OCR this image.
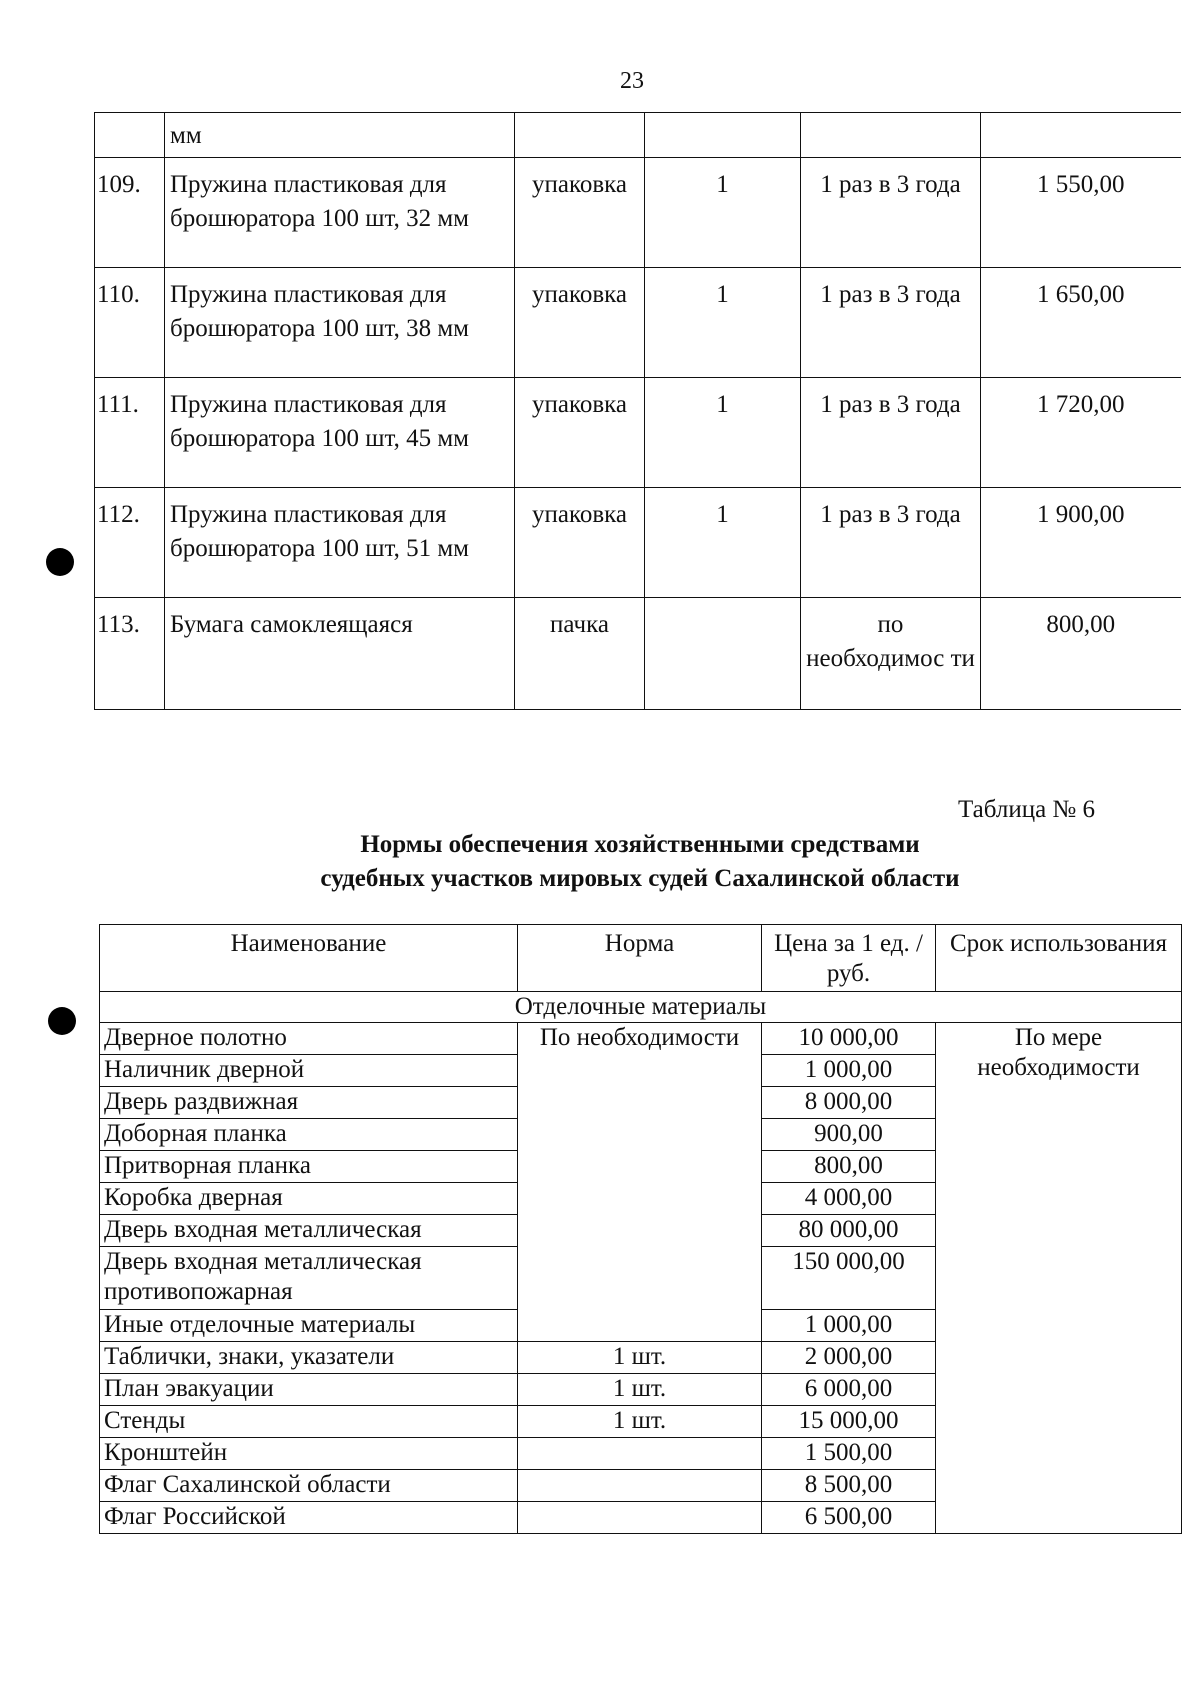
23
	мм				
109.	Пружина пластиковая для брошюратора 100 шт, 32 мм	упаковка	1	1 раз в 3 года	1 550,00
110.	Пружина пластиковая для брошюратора 100 шт, 38 мм	упаковка	1	1 раз в 3 года	1 650,00
111.	Пружина пластиковая для брошюратора 100 шт, 45 мм	упаковка	1	1 раз в 3 года	1 720,00
112.	Пружина пластиковая для брошюратора 100 шт, 51 мм	упаковка	1	1 раз в 3 года	1 900,00
113.	Бумага самоклеящаяся	пачка		по необходимос ти	800,00
Таблица № 6
Нормы обеспечения хозяйственными средствами
судебных участков мировых судей Сахалинской области
Наименование	Норма	Цена за 1 ед. / руб.	Срок использования
Отделочные материалы			
Дверное полотно	По необходимости	10 000,00	По мере необходимости
Наличник дверной		1 000,00	
Дверь раздвижная		8 000,00	
Доборная планка		900,00	
Притворная планка		800,00	
Коробка дверная		4 000,00	
Дверь входная металлическая		80 000,00	
Дверь входная металлическая противопожарная		150 000,00	
Иные отделочные материалы		1 000,00	
Таблички, знаки, указатели	1 шт.	2 000,00	
План эвакуации	1 шт.	6 000,00	
Стенды	1 шт.	15 000,00	
Кронштейн		1 500,00	
Флаг Сахалинской области		8 500,00	
Флаг Российской		6 500,00	
